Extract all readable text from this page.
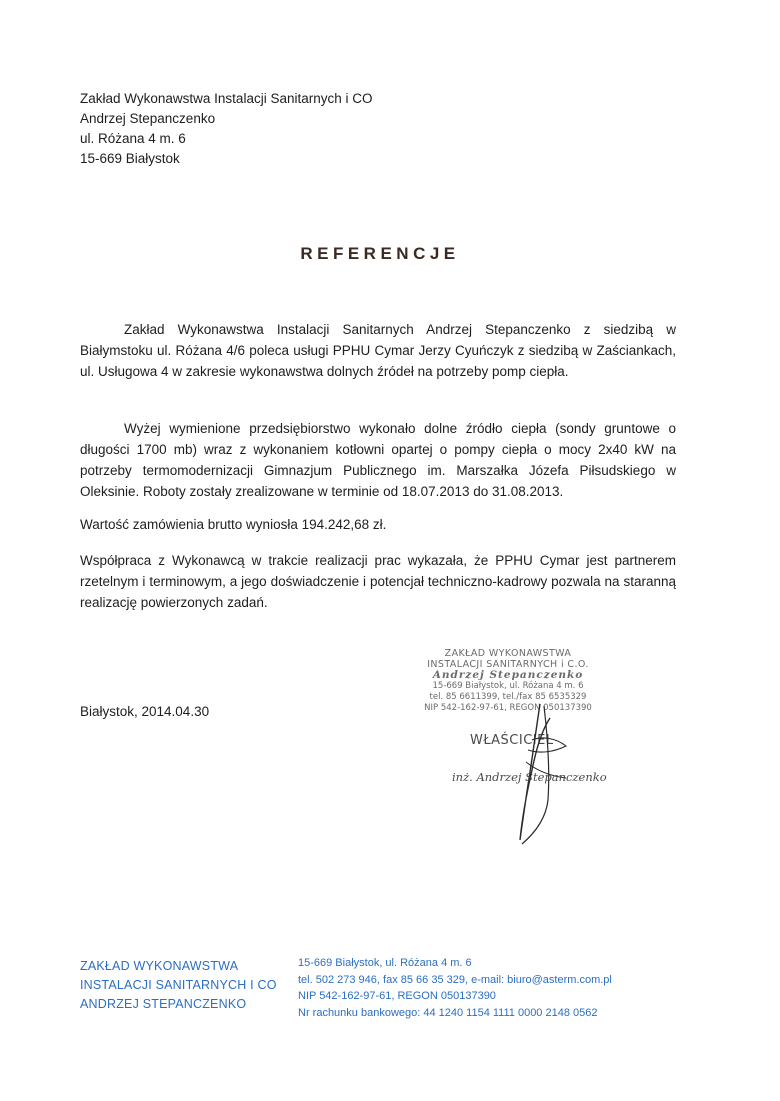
Zakład Wykonawstwa Instalacji Sanitarnych i CO
Andrzej Stepanczenko
ul. Różana 4 m. 6
15-669 Białystok
REFERENCJE
Zakład Wykonawstwa Instalacji Sanitarnych Andrzej Stepanczenko z siedzibą w Białymstoku ul. Różana 4/6 poleca usługi PPHU Cymar Jerzy Cyuńczyk z siedzibą w Zaściankach, ul. Usługowa 4 w zakresie wykonawstwa dolnych źródeł na potrzeby pomp ciepła.
Wyżej wymienione przedsiębiorstwo wykonało dolne źródło ciepła (sondy gruntowe o długości 1700 mb) wraz z wykonaniem kotłowni opartej o pompy ciepła o mocy 2x40 kW na potrzeby termomodernizacji Gimnazjum Publicznego im. Marszałka Józefa Piłsudskiego w Oleksinie. Roboty zostały zrealizowane w terminie od 18.07.2013 do 31.08.2013.
Wartość zamówienia brutto wyniosła 194.242,68 zł.
Współpraca z Wykonawcą w trakcie realizacji prac wykazała, że PPHU Cymar jest partnerem rzetelnym i terminowym, a jego doświadczenie i potencjał techniczno-kadrowy pozwala na staranną realizację powierzonych zadań.
Białystok, 2014.04.30
ZAKŁAD WYKONAWSTWA
INSTALACJI SANITARNYCH i C.O.
Andrzej Stepanczenko
15-669 Białystok, ul. Różana 4 m. 6
tel. 85 6611399, tel./fax 85 6535329
NIP 542-162-97-61, REGON 050137390
WŁAŚCICIEL
inż. Andrzej Stepanczenko
ZAKŁAD WYKONAWSTWA
INSTALACJI SANITARNYCH I CO
ANDRZEJ STEPANCZENKO
15-669 Białystok, ul. Różana 4 m. 6
tel. 502 273 946, fax 85 66 35 329, e-mail: biuro@asterm.com.pl
NIP 542-162-97-61, REGON 050137390
Nr rachunku bankowego: 44 1240 1154 1111 0000 2148 0562
